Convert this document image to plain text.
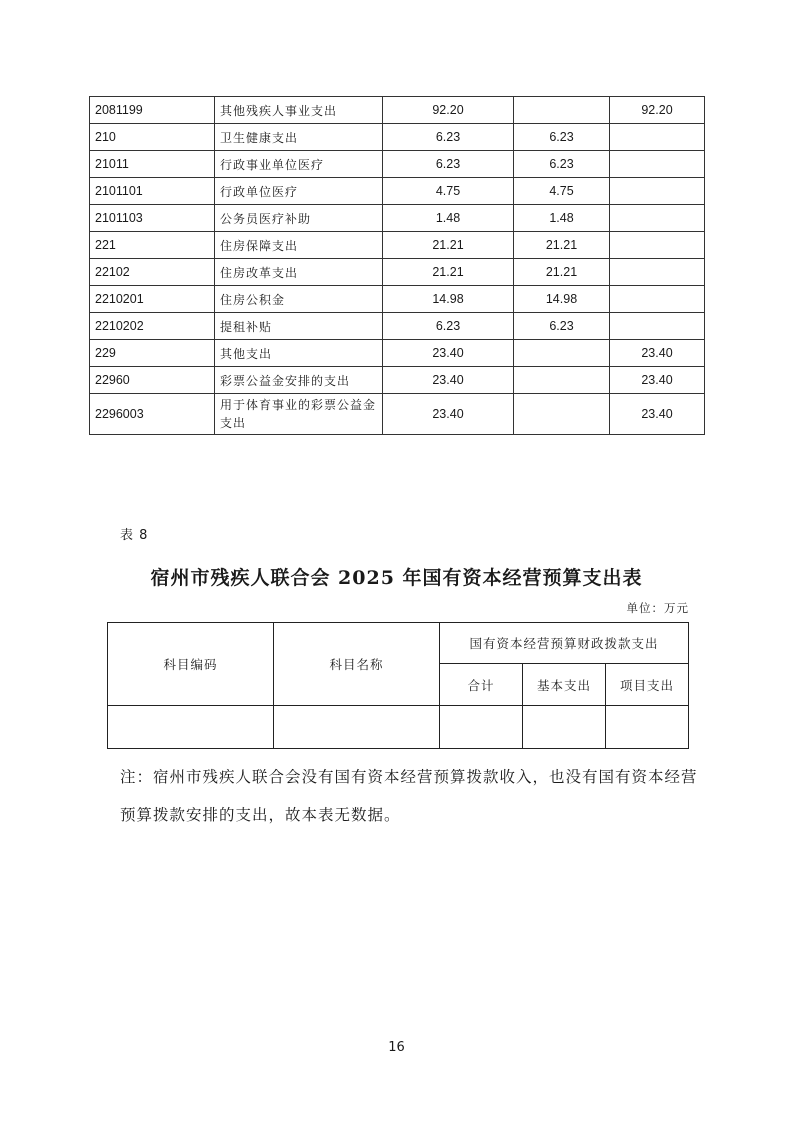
2081199	其他残疾人事业支出	92.20		92.20
210	卫生健康支出	6.23	6.23	
21011	行政事业单位医疗	6.23	6.23	
2101101	行政单位医疗	4.75	4.75	
2101103	公务员医疗补助	1.48	1.48	
221	住房保障支出	21.21	21.21	
22102	住房改革支出	21.21	21.21	
2210201	住房公积金	14.98	14.98	
2210202	提租补贴	6.23	6.23	
229	其他支出	23.40		23.40
22960	彩票公益金安排的支出	23.40		23.40
2296003	用于体育事业的彩票公益金支出	23.40		23.40
表 8
宿州市残疾人联合会 2025 年国有资本经营预算支出表
单位：万元
科目编码	科目名称	国有资本经营预算财政拨款支出		
		合计	基本支出	项目支出

注：宿州市残疾人联合会没有国有资本经营预算拨款收入，也没有国有资本经营预算拨款安排的支出，故本表无数据。
16
